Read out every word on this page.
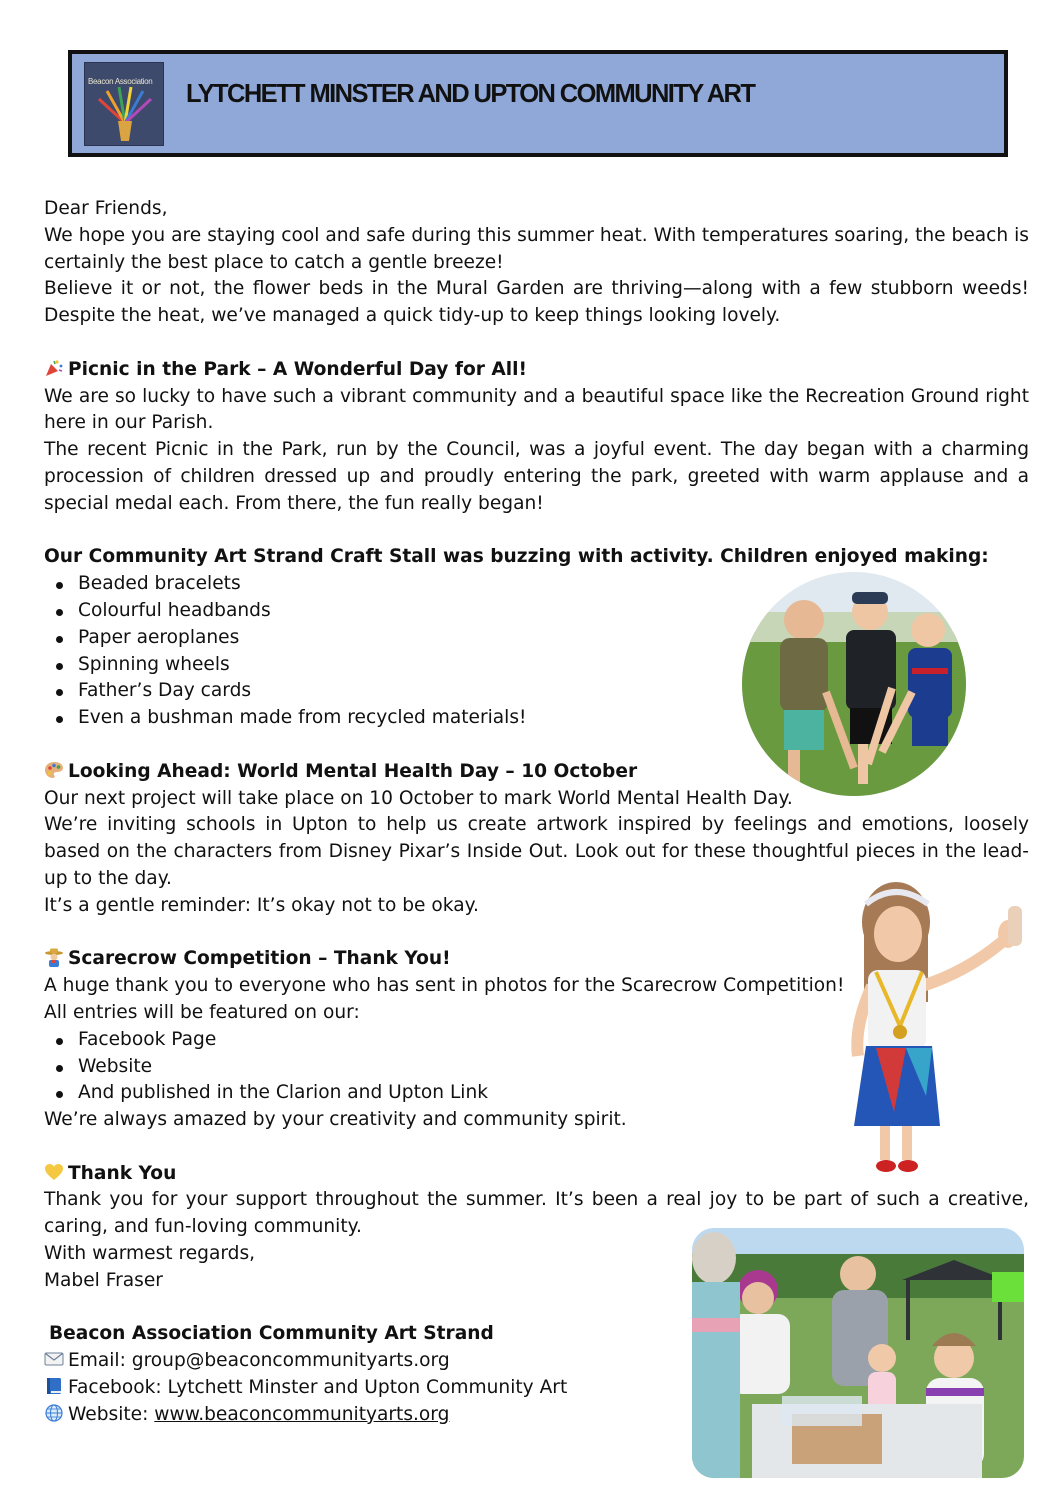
Beacon Association	LYTCHETT MINSTER AND UPTON COMMUNITY ART

Dear Friends,

We hope you are staying cool and safe during this summer heat. With temperatures soaring, the beach is certainly the best place to catch a gentle breeze!

Believe it or not, the flower beds in the Mural Garden are thriving—along with a few stubborn weeds! Despite the heat, we’ve managed a quick tidy-up to keep things looking lovely.

Picnic in the Park – A Wonderful Day for All!

We are so lucky to have such a vibrant community and a beautiful space like the Recreation Ground right here in our Parish.

The recent Picnic in the Park, run by the Council, was a joyful event. The day began with a charming procession of children dressed up and proudly entering the park, greeted with warm applause and a special medal each. From there, the fun really began!

Our Community Art Strand Craft Stall was buzzing with activity. Children enjoyed making:

Beaded bracelets
Colourful headbands
Paper aeroplanes
Spinning wheels
Father’s Day cards
Even a bushman made from recycled materials!

Looking Ahead: World Mental Health Day – 10 October

Our next project will take place on 10 October to mark World Mental Health Day.

We’re inviting schools in Upton to help us create artwork inspired by feelings and emotions, loosely based on the characters from Disney Pixar’s Inside Out. Look out for these thoughtful pieces in the lead-up to the day.

It’s a gentle reminder: It’s okay not to be okay.

Scarecrow Competition – Thank You!

A huge thank you to everyone who has sent in photos for the Scarecrow Competition!

All entries will be featured on our:

Facebook Page
Website
And published in the Clarion and Upton Link

We’re always amazed by your creativity and community spirit.

Thank You

Thank you for your support throughout the summer. It’s been a real joy to be part of such a creative, caring, and fun-loving community.

With warmest regards,

Mabel Fraser

Beacon Association Community Art Strand

Email: group@beaconcommunityarts.org

Facebook: Lytchett Minster and Upton Community Art

Website: www.beaconcommunityarts.org
